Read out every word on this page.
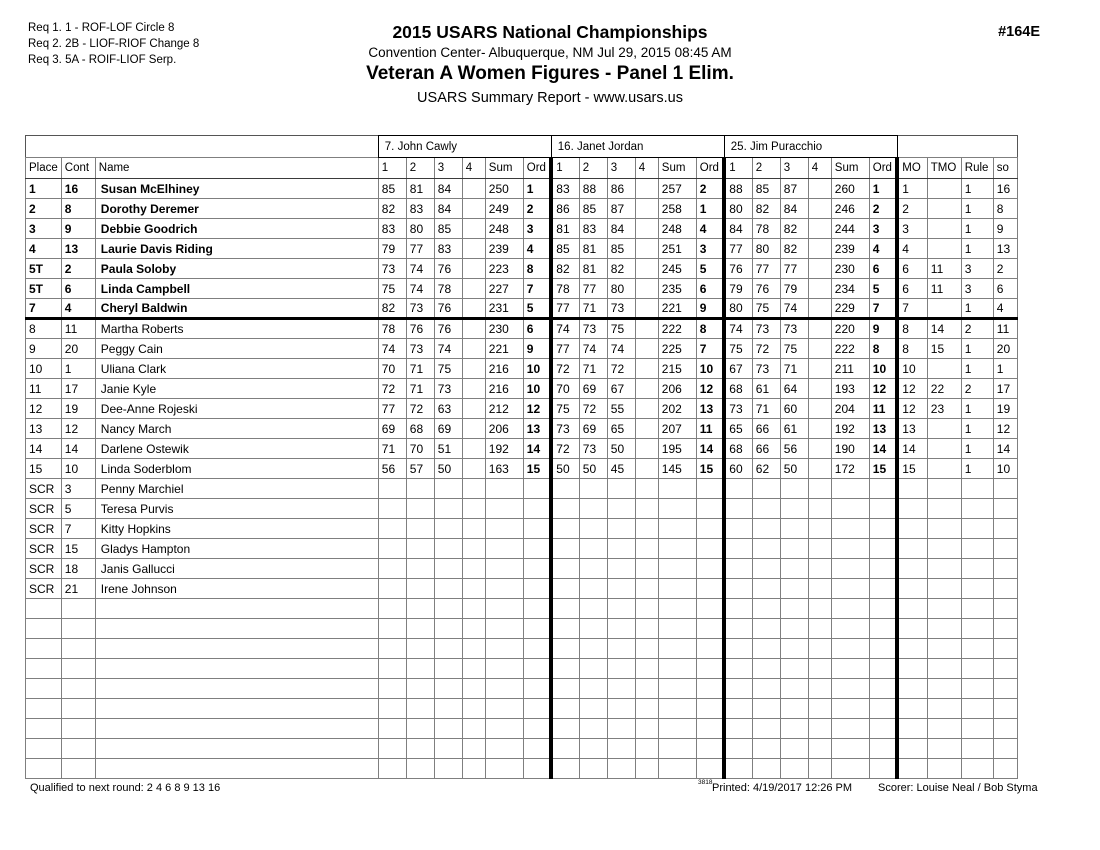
Req 1. 1 - ROF-LOF Circle 8
Req 2. 2B - LIOF-RIOF Change 8
Req 3. 5A - ROIF-LIOF Serp.
2015 USARS National Championships
Convention Center- Albuquerque, NM Jul 29, 2015 08:45 AM
Veteran A Women Figures - Panel 1 Elim.
USARS Summary Report - www.usars.us
#164E
			7. John Cawly						16. Janet Jordan						25. Jim Puracchio									
Place	Cont	Name	1	2	3	4	Sum	Ord	1	2	3	4	Sum	Ord	1	2	3	4	Sum	Ord	MO	TMO	Rule	so
1	16	Susan McElhiney	85	81	84		250	1	83	88	86		257	2	88	85	87		260	1	1		1	16
2	8	Dorothy Deremer	82	83	84		249	2	86	85	87		258	1	80	82	84		246	2	2		1	8
3	9	Debbie Goodrich	83	80	85		248	3	81	83	84		248	4	84	78	82		244	3	3		1	9
4	13	Laurie Davis Riding	79	77	83		239	4	85	81	85		251	3	77	80	82		239	4	4		1	13
5T	2	Paula Soloby	73	74	76		223	8	82	81	82		245	5	76	77	77		230	6	6	11	3	2
5T	6	Linda Campbell	75	74	78		227	7	78	77	80		235	6	79	76	79		234	5	6	11	3	6
7	4	Cheryl Baldwin	82	73	76		231	5	77	71	73		221	9	80	75	74		229	7	7		1	4
8	11	Martha Roberts	78	76	76		230	6	74	73	75		222	8	74	73	73		220	9	8	14	2	11
9	20	Peggy Cain	74	73	74		221	9	77	74	74		225	7	75	72	75		222	8	8	15	1	20
10	1	Uliana Clark	70	71	75		216	10	72	71	72		215	10	67	73	71		211	10	10		1	1
11	17	Janie Kyle	72	71	73		216	10	70	69	67		206	12	68	61	64		193	12	12	22	2	17
12	19	Dee-Anne Rojeski	77	72	63		212	12	75	72	55		202	13	73	71	60		204	11	12	23	1	19
13	12	Nancy March	69	68	69		206	13	73	69	65		207	11	65	66	61		192	13	13		1	12
14	14	Darlene Ostewik	71	70	51		192	14	72	73	50		195	14	68	66	56		190	14	14		1	14
15	10	Linda Soderblom	56	57	50		163	15	50	50	45		145	15	60	62	50		172	15	15		1	10
SCR	3	Penny Marchiel																						
SCR	5	Teresa Purvis																						
SCR	7	Kitty Hopkins																						
SCR	15	Gladys Hampton																						
SCR	18	Janis Gallucci																						
SCR	21	Irene Johnson																						

Qualified to next round: 2 4 6 8 9 13 16	3818 Printed: 4/19/2017 12:26 PM Scorer: Louise Neal / Bob Styma
